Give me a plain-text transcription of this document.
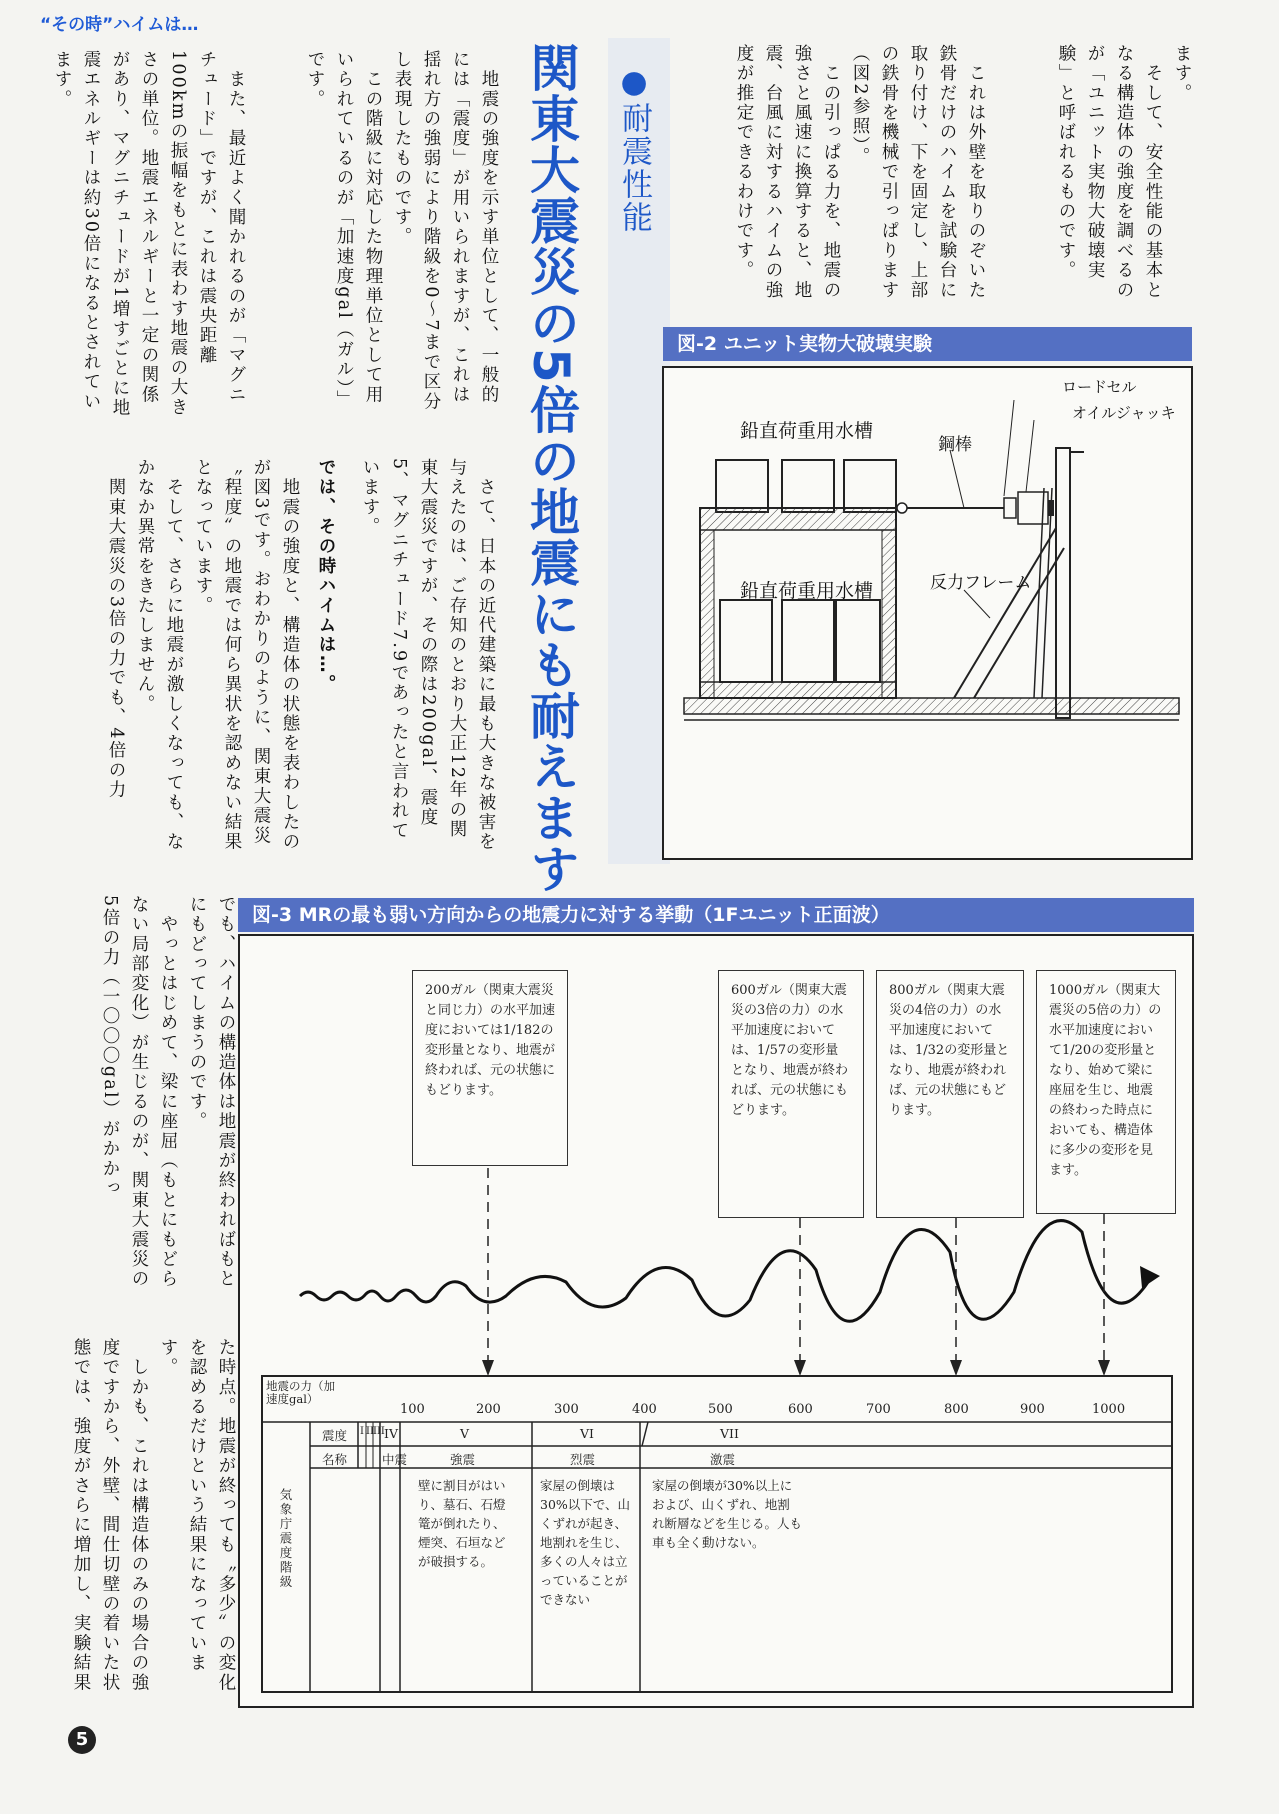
“その時”ハイムは…
ます。
　そして、安全性能の基本となる構造体の強度を調べるのが「ユニット実物大破壊実験」と呼ばれるものです。
　これは外壁を取りのぞいた鉄骨だけのハイムを試験台に取り付け、下を固定し、上部の鉄骨を機械で引っぱります（図2参照）。
　この引っぱる力を、地震の強さと風速に換算すると、地震、台風に対するハイムの強度が推定できるわけです。
●耐震性能
関東大震災の5倍の地震にも耐えます
　地震の強度を示す単位として、一般的には「震度」が用いられますが、これは揺れ方の強弱により階級を0～7まで区分し表現したものです。
　この階級に対応した物理単位として用いられているのが「加速度gal（ガル）」です。
　また、最近よく聞かれるのが「マグニチュード」ですが、これは震央距離100kmの振幅をもとに表わす地震の大きさの単位。地震エネルギーと一定の関係があり、マグニチュードが1増すごとに地震エネルギーは約30倍になるとされています。
　さて、日本の近代建築に最も大きな被害を与えたのは、ご存知のとおり大正12年の関東大震災ですが、その際は200gal、震度5、マグニチュード7.9であったと言われています。
では、その時ハイムは…。
　地震の強度と、構造体の状態を表わしたのが図3です。おわかりのように、関東大震災〝程度〟の地震では何ら異状を認めない結果となっています。
　そして、さらに地震が激しくなっても、なかなか異常をきたしません。
　関東大震災の3倍の力でも、4倍の力
でも、ハイムの構造体は地震が終わればもとにもどってしまうのです。
　やっとはじめて、梁に座屈（もとにもどらない局部変化）が生じるのが、関東大震災の5倍の力（一〇〇〇gal）がかかっ
た時点。地震が終っても〝多少〟の変化を認めるだけという結果になっています。
　しかも、これは構造体のみの場合の強度ですから、外壁、間仕切壁の着いた状態では、強度がさらに増加し、実験結果
図-2 ユニット実物大破壊実験
鉛直荷重用水槽
鉛直荷重用水槽
ロードセル
オイルジャッキ
鋼棒
反力フレーム
図-3 MRの最も弱い方向からの地震力に対する挙動（1Fユニット正面波）
200ガル（関東大震災と同じ力）の水平加速度においては1/182の変形量となり、地震が終われば、元の状態にもどります。
600ガル（関東大震災の3倍の力）の水平加速度においては、1/57の変形量となり、地震が終われば、元の状態にもどります。
800ガル（関東大震災の4倍の力）の水平加速度においては、1/32の変形量となり、地震が終われば、元の状態にもどります。
1000ガル（関東大震災の5倍の力）の水平加速度において1/20の変形量となり、始めて梁に座屈を生じ、地震の終わった時点においても、構造体に多少の変形を見ます。
地震の力（加速度gal）
100	200	300	400	500	600	700	800	900	1000
震度
名称
気象庁震度階級
I II III IV	V	VI	VII
中震	強震	烈震	激震
壁に割目がはいり、墓石、石燈篭が倒れたり、煙突、石垣などが破損する。
家屋の倒壊は30%以下で、山くずれが起き、地割れを生じ、多くの人々は立っていることができない
家屋の倒壊が30%以上におよび、山くずれ、地割れ断層などを生じる。人も車も全く動けない。
5
